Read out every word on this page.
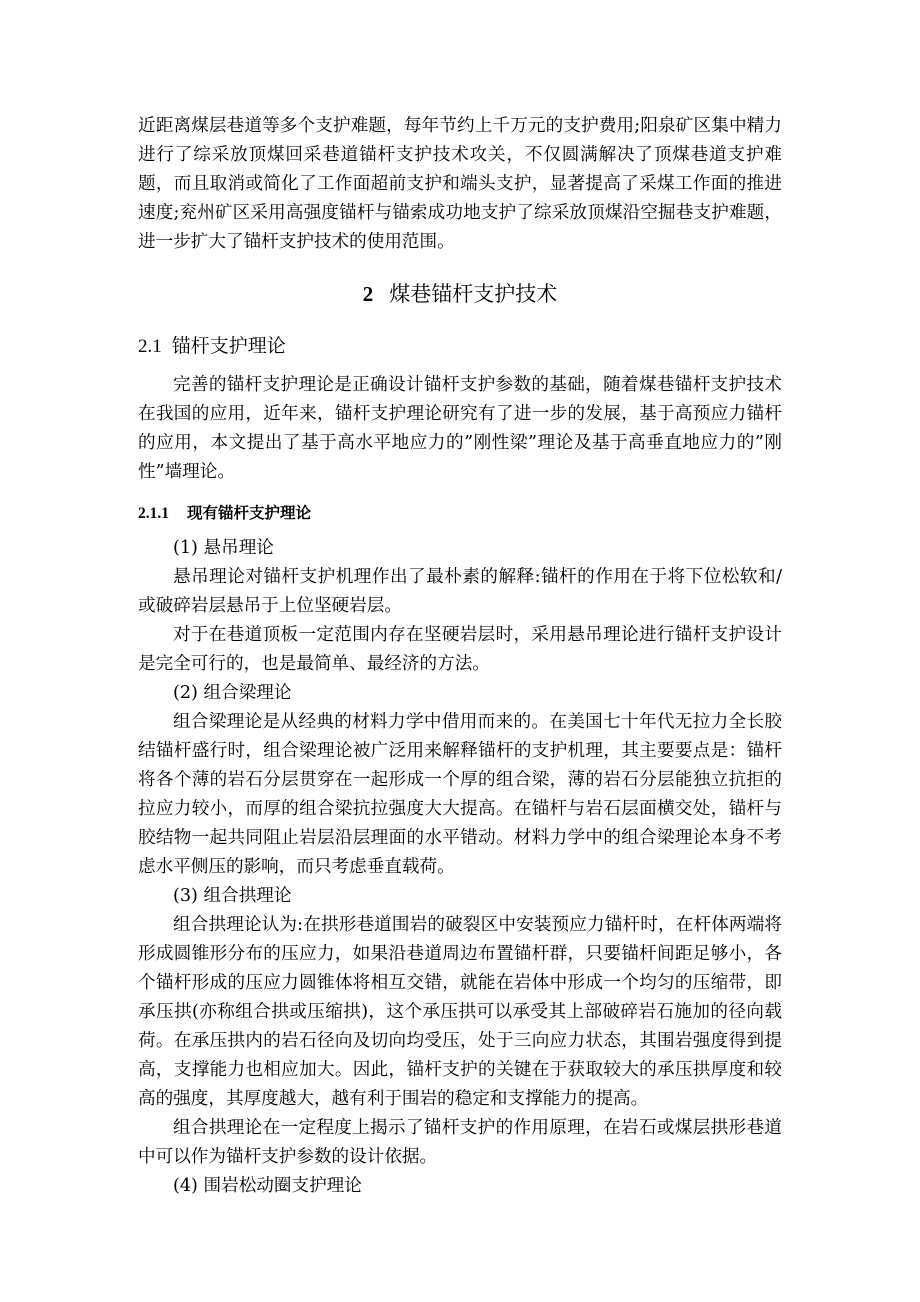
近距离煤层巷道等多个支护难题，每年节约上千万元的支护费用;阳泉矿区集中精力进行了综采放顶煤回采巷道锚杆支护技术攻关，不仅圆满解决了顶煤巷道支护难题，而且取消或简化了工作面超前支护和端头支护，显著提高了采煤工作面的推进速度;兖州矿区采用高强度锚杆与锚索成功地支护了综采放顶煤沿空掘巷支护难题，进一步扩大了锚杆支护技术的使用范围。

2 煤巷锚杆支护技术
2.1 锚杆支护理论

完善的锚杆支护理论是正确设计锚杆支护参数的基础，随着煤巷锚杆支护技术在我国的应用，近年来，锚杆支护理论研究有了进一步的发展，基于高预应力锚杆的应用，本文提出了基于高水平地应力的”刚性梁”理论及基于高垂直地应力的”刚性”墙理论。

2.1.1 现有锚杆支护理论

(1) 悬吊理论

悬吊理论对锚杆支护机理作出了最朴素的解释:锚杆的作用在于将下位松软和/或破碎岩层悬吊于上位坚硬岩层。

对于在巷道顶板一定范围内存在坚硬岩层时，采用悬吊理论进行锚杆支护设计是完全可行的，也是最简单、最经济的方法。

(2) 组合梁理论

组合梁理论是从经典的材料力学中借用而来的。在美国七十年代无拉力全长胶结锚杆盛行时，组合梁理论被广泛用来解释锚杆的支护机理，其主要要点是：锚杆将各个薄的岩石分层贯穿在一起形成一个厚的组合梁，薄的岩石分层能独立抗拒的拉应力较小，而厚的组合梁抗拉强度大大提高。在锚杆与岩石层面横交处，锚杆与胶结物一起共同阻止岩层沿层理面的水平错动。材料力学中的组合梁理论本身不考虑水平侧压的影响，而只考虑垂直载荷。

(3) 组合拱理论

组合拱理论认为:在拱形巷道围岩的破裂区中安装预应力锚杆时，在杆体两端将形成圆锥形分布的压应力，如果沿巷道周边布置锚杆群，只要锚杆间距足够小，各个锚杆形成的压应力圆锥体将相互交错，就能在岩体中形成一个均匀的压缩带，即承压拱(亦称组合拱或压缩拱)，这个承压拱可以承受其上部破碎岩石施加的径向载荷。在承压拱内的岩石径向及切向均受压，处于三向应力状态，其围岩强度得到提高，支撑能力也相应加大。因此，锚杆支护的关键在于获取较大的承压拱厚度和较高的强度，其厚度越大，越有利于围岩的稳定和支撑能力的提高。

组合拱理论在一定程度上揭示了锚杆支护的作用原理，在岩石或煤层拱形巷道中可以作为锚杆支护参数的设计依据。

(4) 围岩松动圈支护理论
